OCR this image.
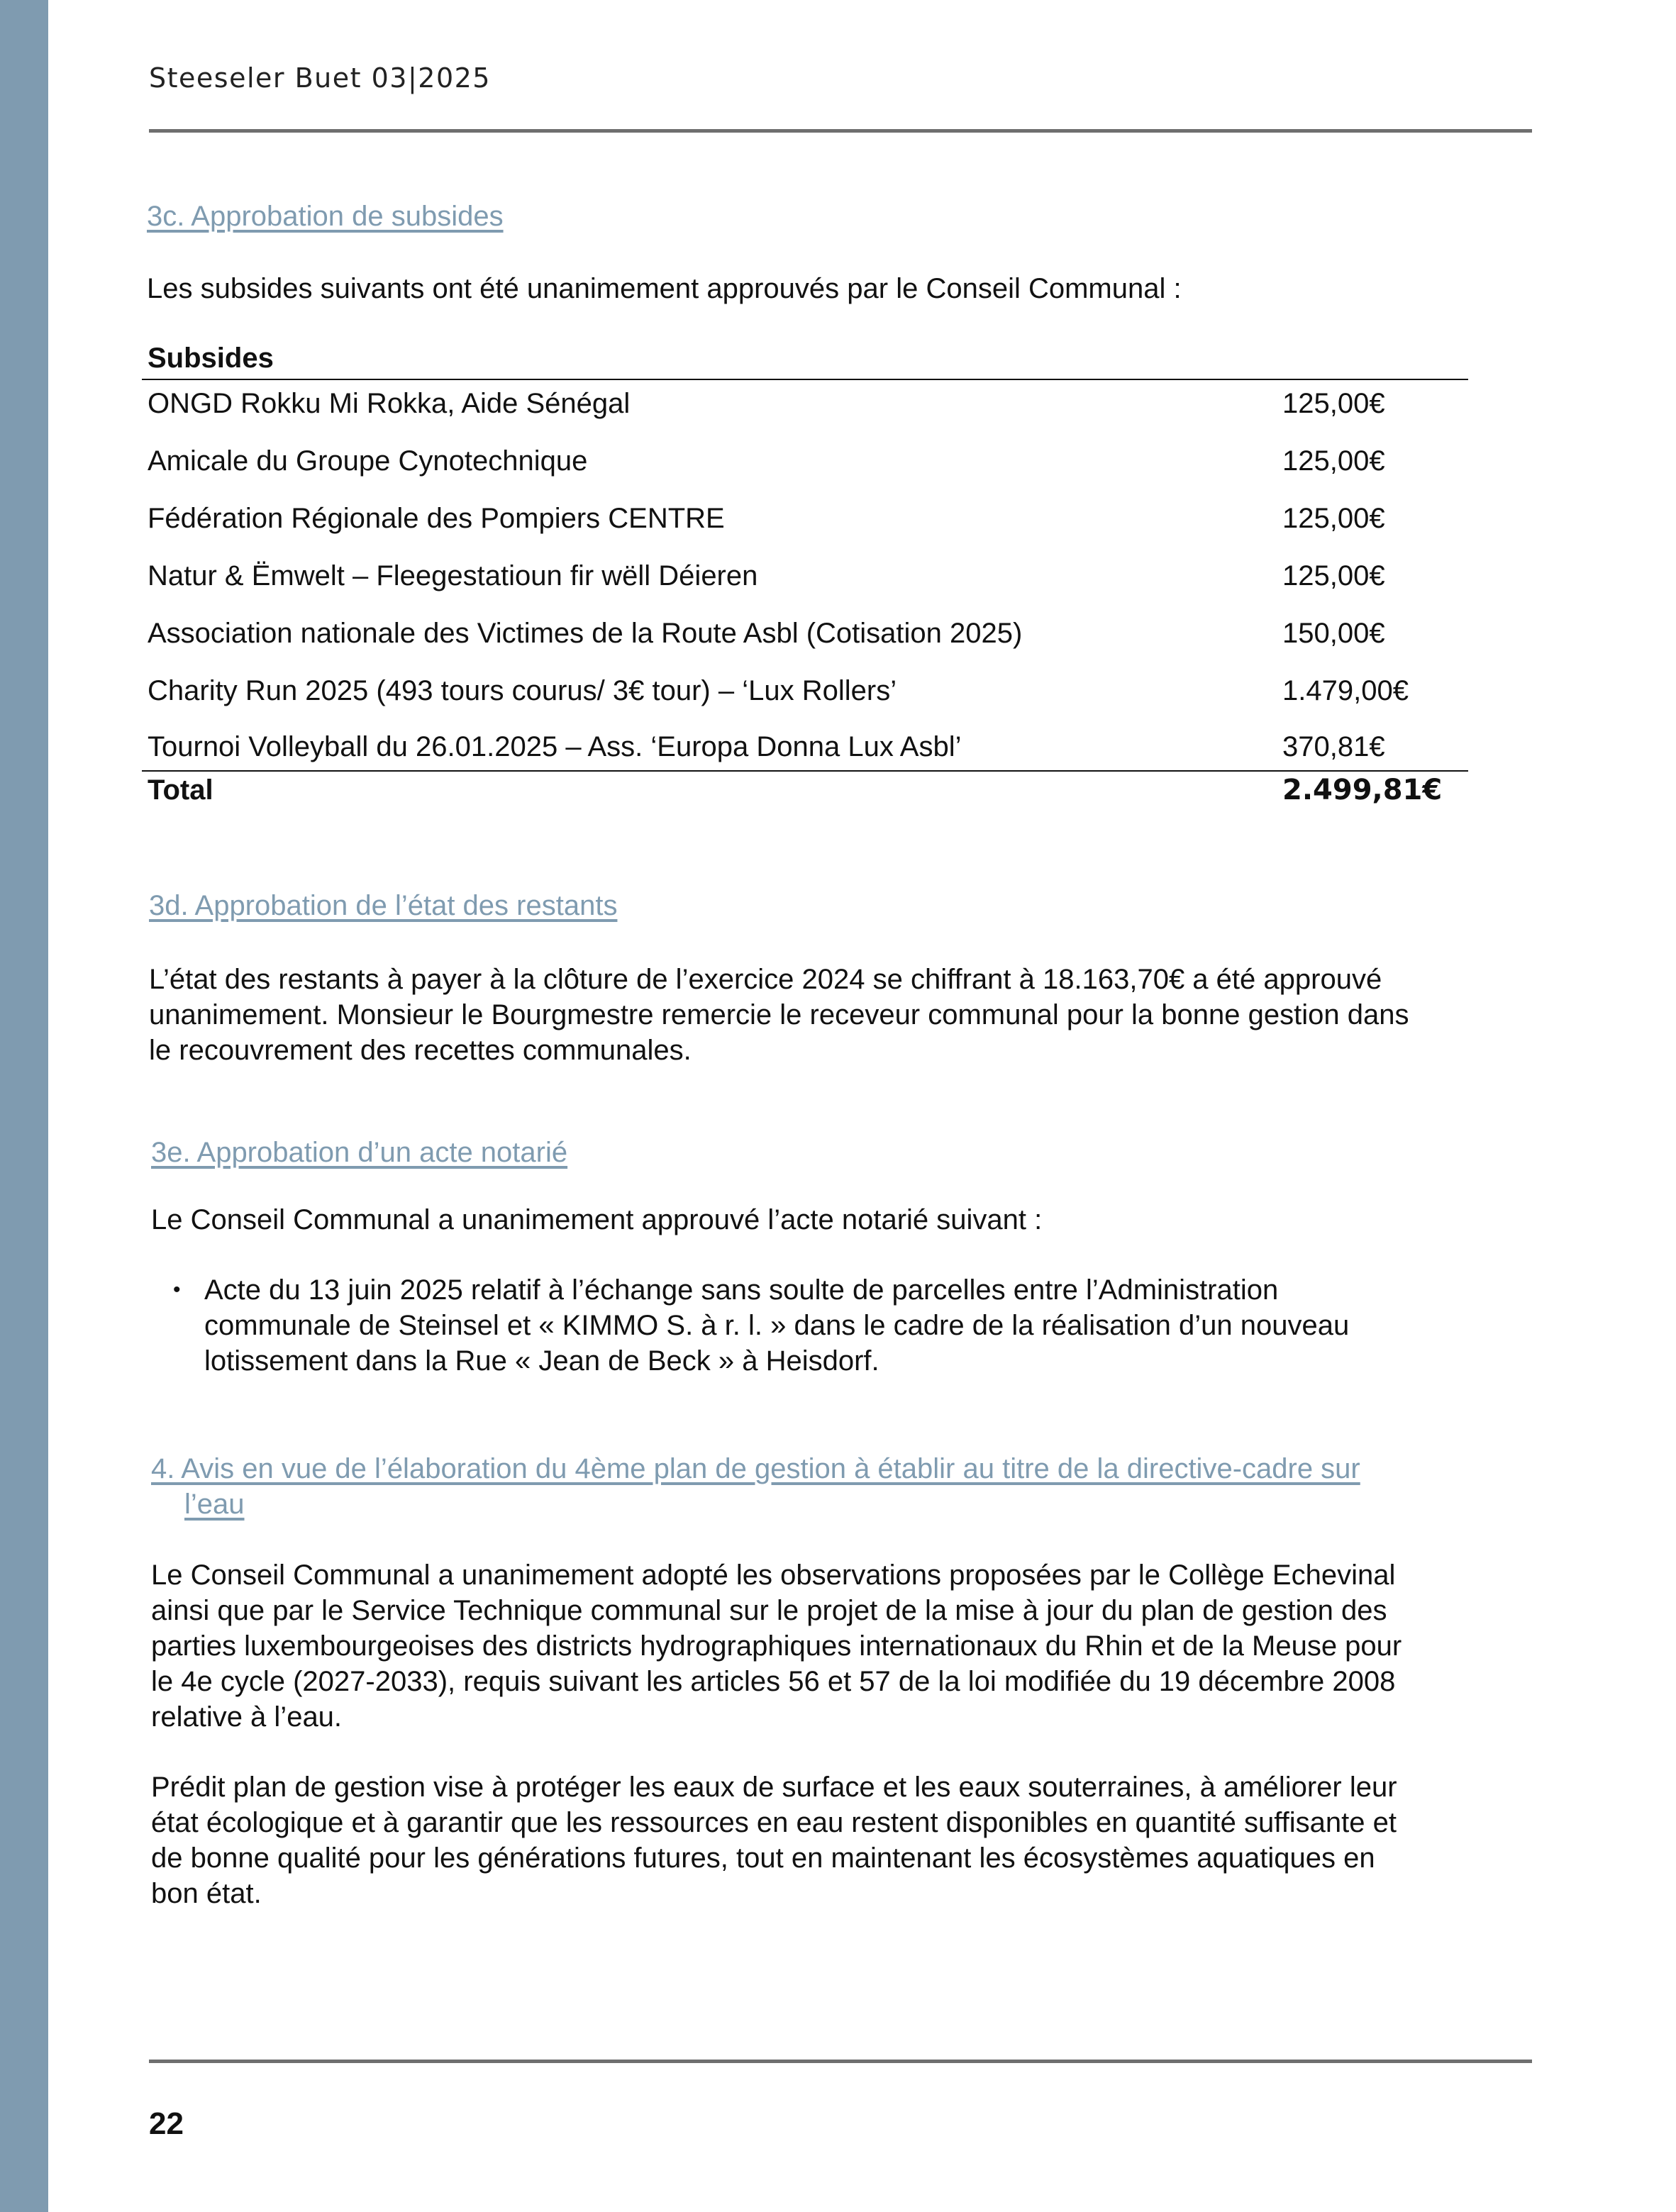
Steeseler Buet 03|2025
3c. Approbation de subsides
Les subsides suivants ont été unanimement approuvés par le Conseil Communal :
Subsides
ONGD Rokku Mi Rokka, Aide Sénégal	125,00€
Amicale du Groupe Cynotechnique	125,00€
Fédération Régionale des Pompiers CENTRE	125,00€
Natur & Ëmwelt – Fleegestatioun fir wëll Déieren	125,00€
Association nationale des Victimes de la Route Asbl (Cotisation 2025)	150,00€
Charity Run 2025 (493 tours courus/ 3€ tour) – ‘Lux Rollers’	1.479,00€
Tournoi Volleyball du 26.01.2025 – Ass. ‘Europa Donna Lux Asbl’	370,81€
Total	2.499,81€
3d. Approbation de l’état des restants
L’état des restants à payer à la clôture de l’exercice 2024 se chiffrant à 18.163,70€ a été approuvé
unanimement. Monsieur le Bourgmestre remercie le receveur communal pour la bonne gestion dans
le recouvrement des recettes communales.
3e. Approbation d’un acte notarié
Le Conseil Communal a unanimement approuvé l’acte notarié suivant :
• Acte du 13 juin 2025 relatif à l’échange sans soulte de parcelles entre l’Administration
communale de Steinsel et « KIMMO S. à r. l. » dans le cadre de la réalisation d’un nouveau
lotissement dans la Rue « Jean de Beck » à Heisdorf.
4. Avis en vue de l’élaboration du 4ème plan de gestion à établir au titre de la directive-cadre sur
l’eau
Le Conseil Communal a unanimement adopté les observations proposées par le Collège Echevinal
ainsi que par le Service Technique communal sur le projet de la mise à jour du plan de gestion des
parties luxembourgeoises des districts hydrographiques internationaux du Rhin et de la Meuse pour
le 4e cycle (2027-2033), requis suivant les articles 56 et 57 de la loi modifiée du 19 décembre 2008
relative à l’eau.
Prédit plan de gestion vise à protéger les eaux de surface et les eaux souterraines, à améliorer leur
état écologique et à garantir que les ressources en eau restent disponibles en quantité suffisante et
de bonne qualité pour les générations futures, tout en maintenant les écosystèmes aquatiques en
bon état.
22
